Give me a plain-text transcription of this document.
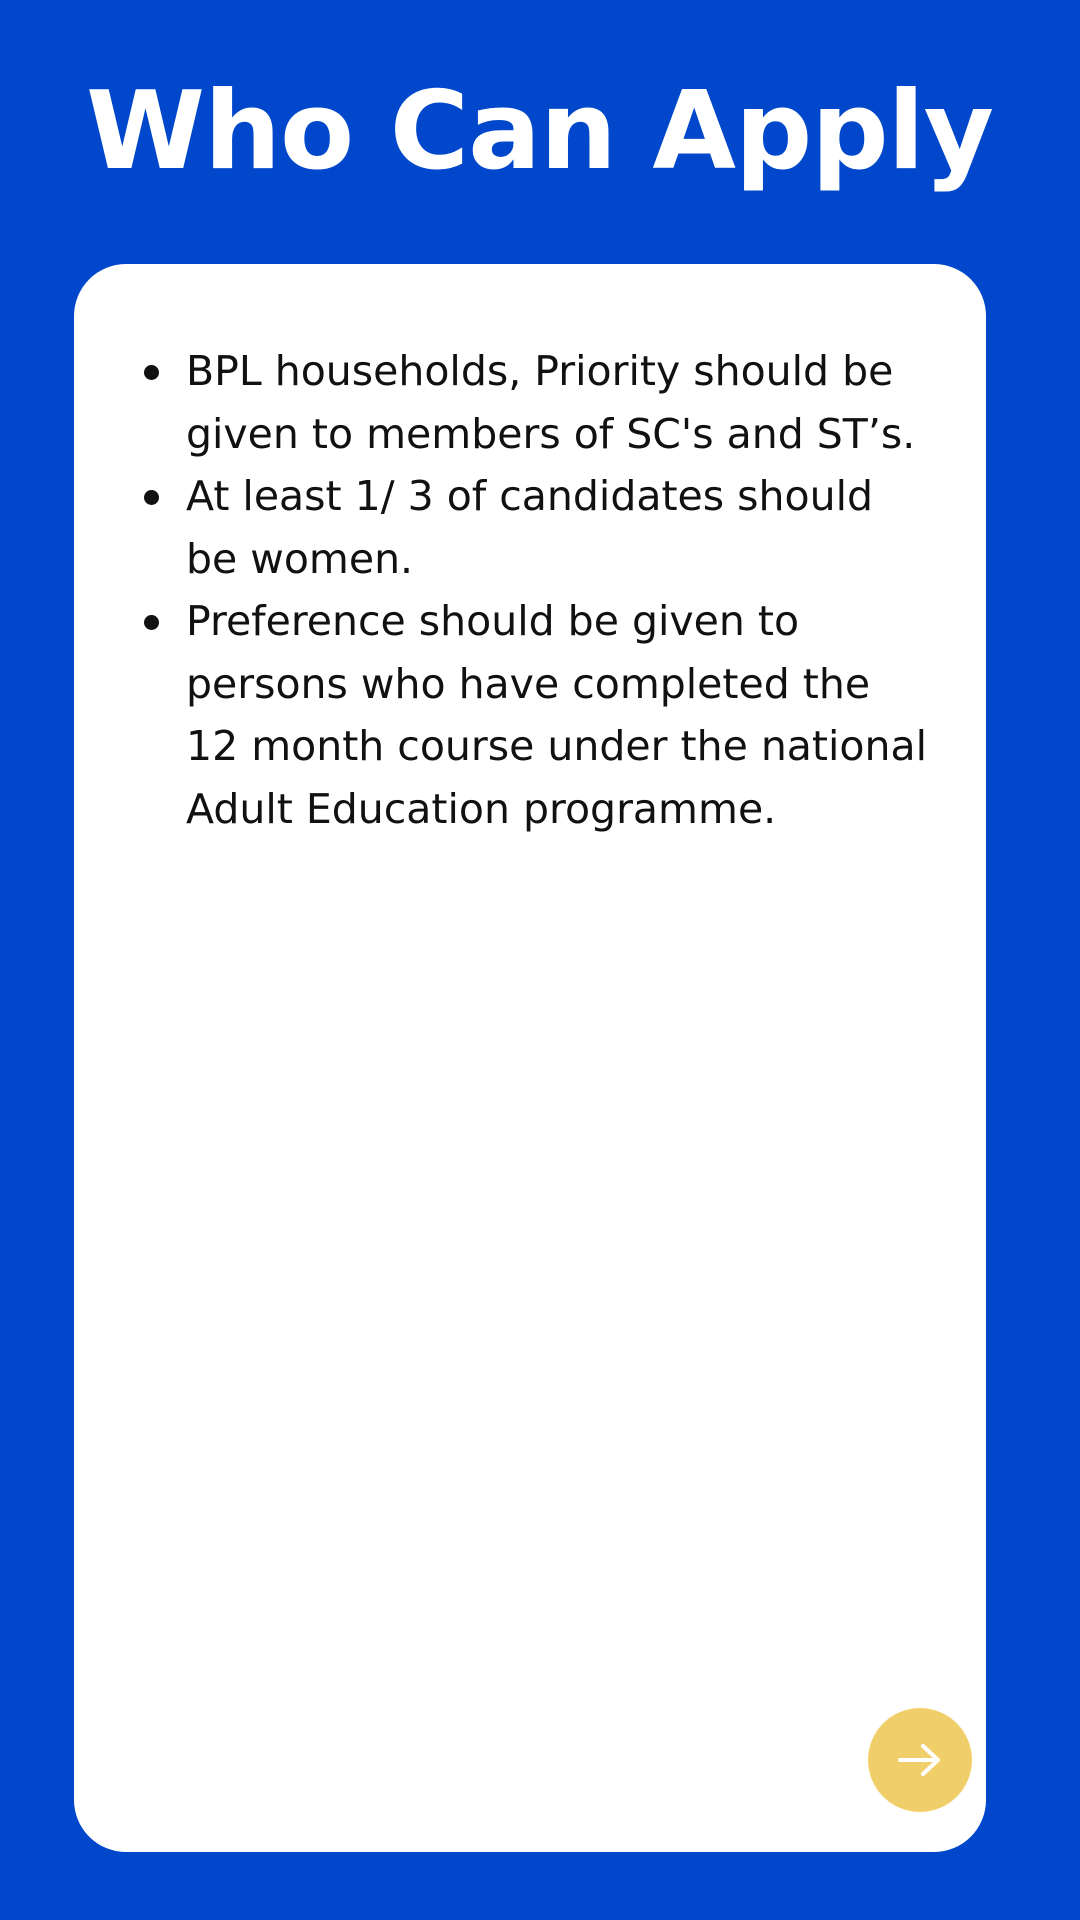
Who Can Apply
BPL households, Priority should be
given to members of SC's and ST’s.
At least 1/ 3 of candidates should
be women.
Preference should be given to
persons who have completed the
12 month course under the national
Adult Education programme.
